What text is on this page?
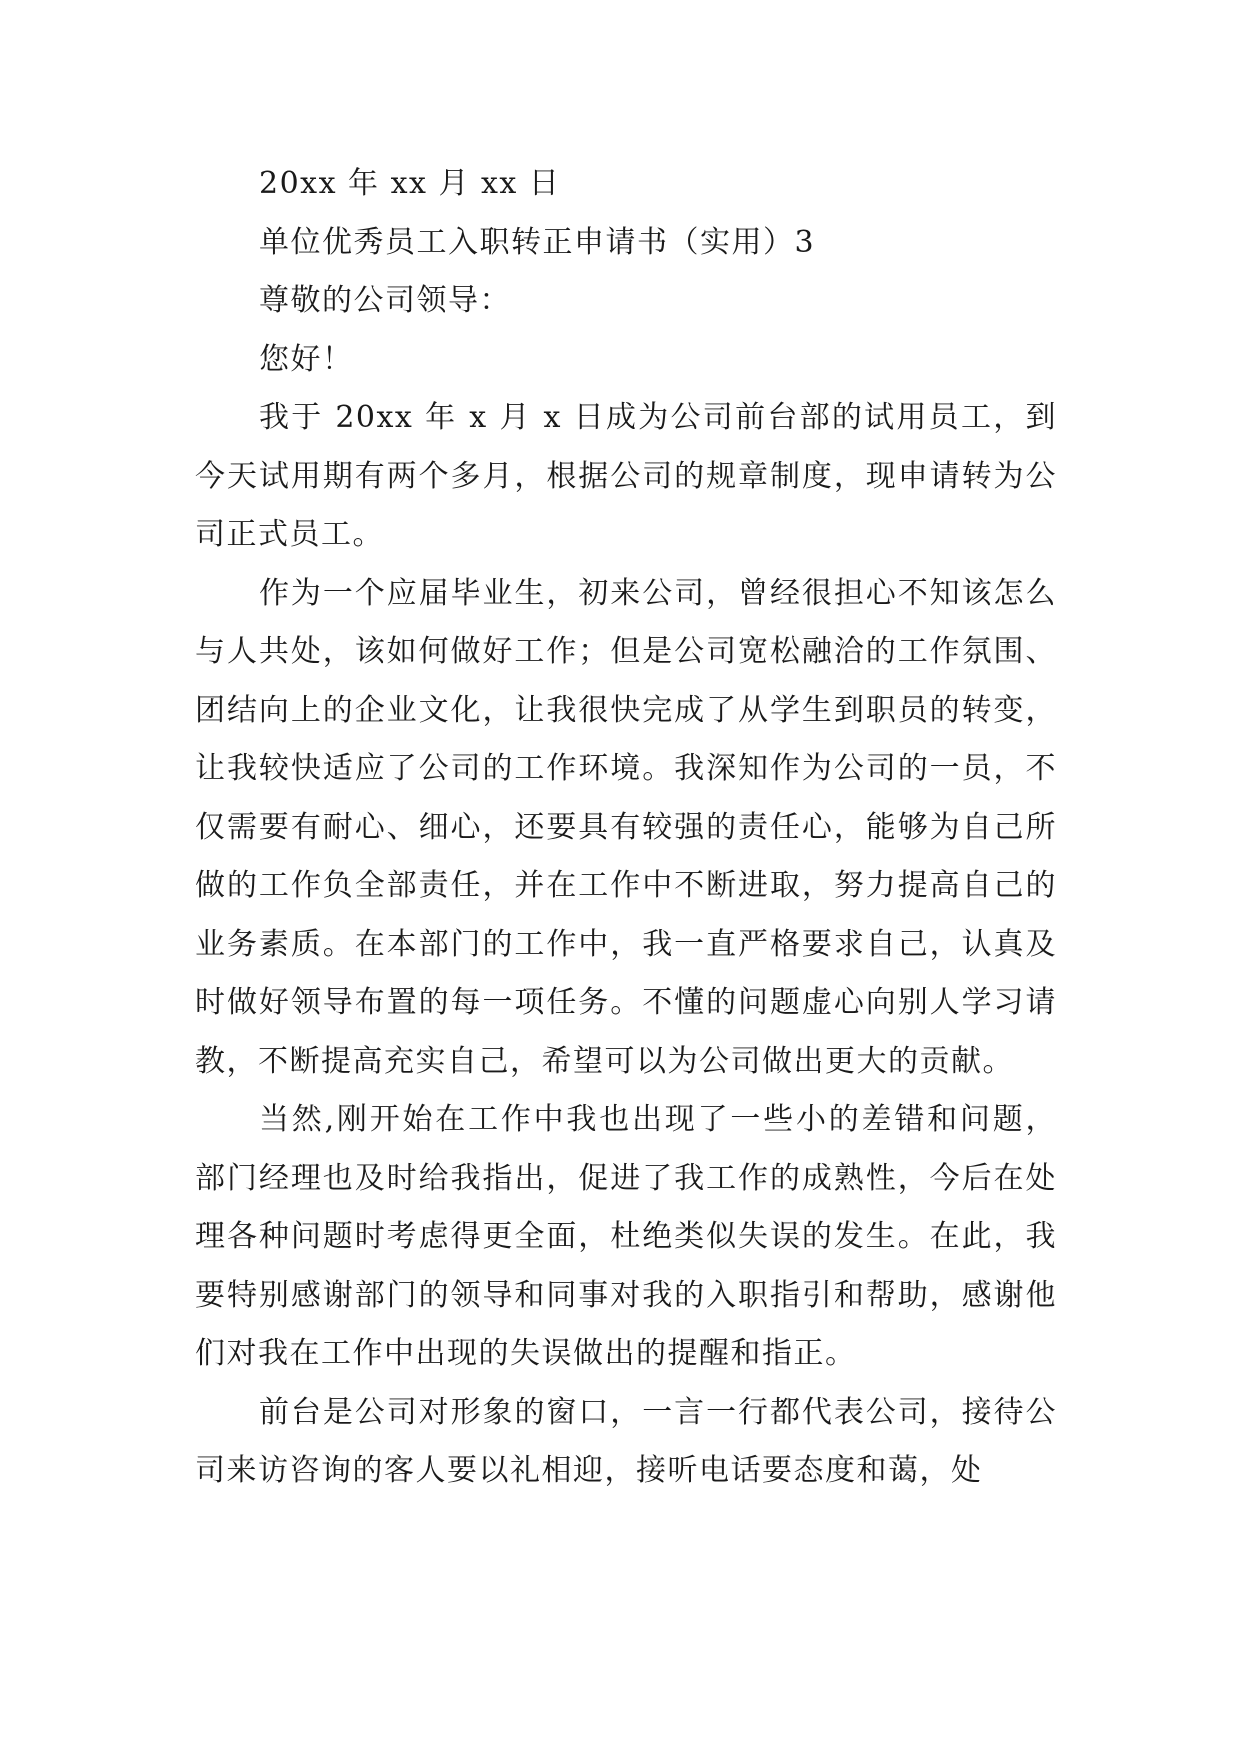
20xx 年 xx 月 xx 日

单位优秀员工入职转正申请书（实用）3

尊敬的公司领导：

您好！

我于 20xx 年 x 月 x 日成为公司前台部的试用员工，到今天试用期有两个多月，根据公司的规章制度，现申请转为公司正式员工。

作为一个应届毕业生，初来公司，曾经很担心不知该怎么与人共处，该如何做好工作；但是公司宽松融洽的工作氛围、团结向上的企业文化，让我很快完成了从学生到职员的转变，让我较快适应了公司的工作环境。我深知作为公司的一员，不仅需要有耐心、细心，还要具有较强的责任心，能够为自己所做的工作负全部责任，并在工作中不断进取，努力提高自己的业务素质。在本部门的工作中，我一直严格要求自己，认真及时做好领导布置的每一项任务。不懂的问题虚心向别人学习请教，不断提高充实自己，希望可以为公司做出更大的贡献。

当然,刚开始在工作中我也出现了一些小的差错和问题，部门经理也及时给我指出，促进了我工作的成熟性，今后在处理各种问题时考虑得更全面，杜绝类似失误的发生。在此，我要特别感谢部门的领导和同事对我的入职指引和帮助，感谢他们对我在工作中出现的失误做出的提醒和指正。

前台是公司对形象的窗口，一言一行都代表公司，接待公司来访咨询的客人要以礼相迎，接听电话要态度和蔼，处
